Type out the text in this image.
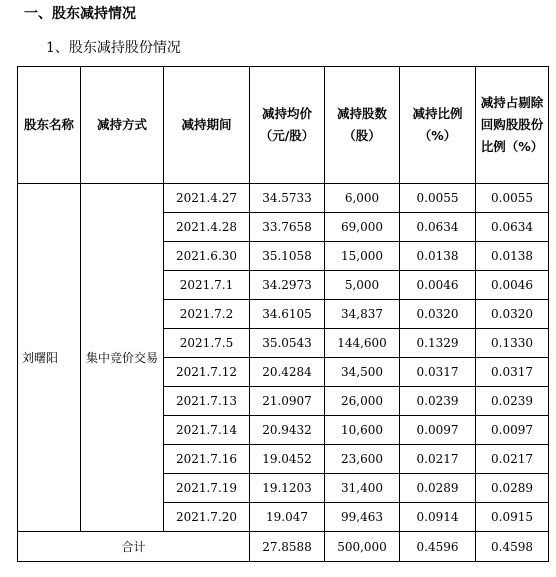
一、股东减持情况
1、股东减持股份情况
股东名称	减持方式	减持期间	减持均价（元/股）	减持股数（股）	减持比例（%）	减持占剔除回购股股份比例（%）
刘曙阳	集中竞价交易	2021.4.27	34.5733	6,000	0.0055	0.0055
		2021.4.28	33.7658	69,000	0.0634	0.0634
		2021.6.30	35.1058	15,000	0.0138	0.0138
		2021.7.1	34.2973	5,000	0.0046	0.0046
		2021.7.2	34.6105	34,837	0.0320	0.0320
		2021.7.5	35.0543	144,600	0.1329	0.1330
		2021.7.12	20.4284	34,500	0.0317	0.0317
		2021.7.13	21.0907	26,000	0.0239	0.0239
		2021.7.14	20.9432	10,600	0.0097	0.0097
		2021.7.16	19.0452	23,600	0.0217	0.0217
		2021.7.19	19.1203	31,400	0.0289	0.0289
		2021.7.20	19.047	99,463	0.0914	0.0915
合计			27.8588	500,000	0.4596	0.4598
